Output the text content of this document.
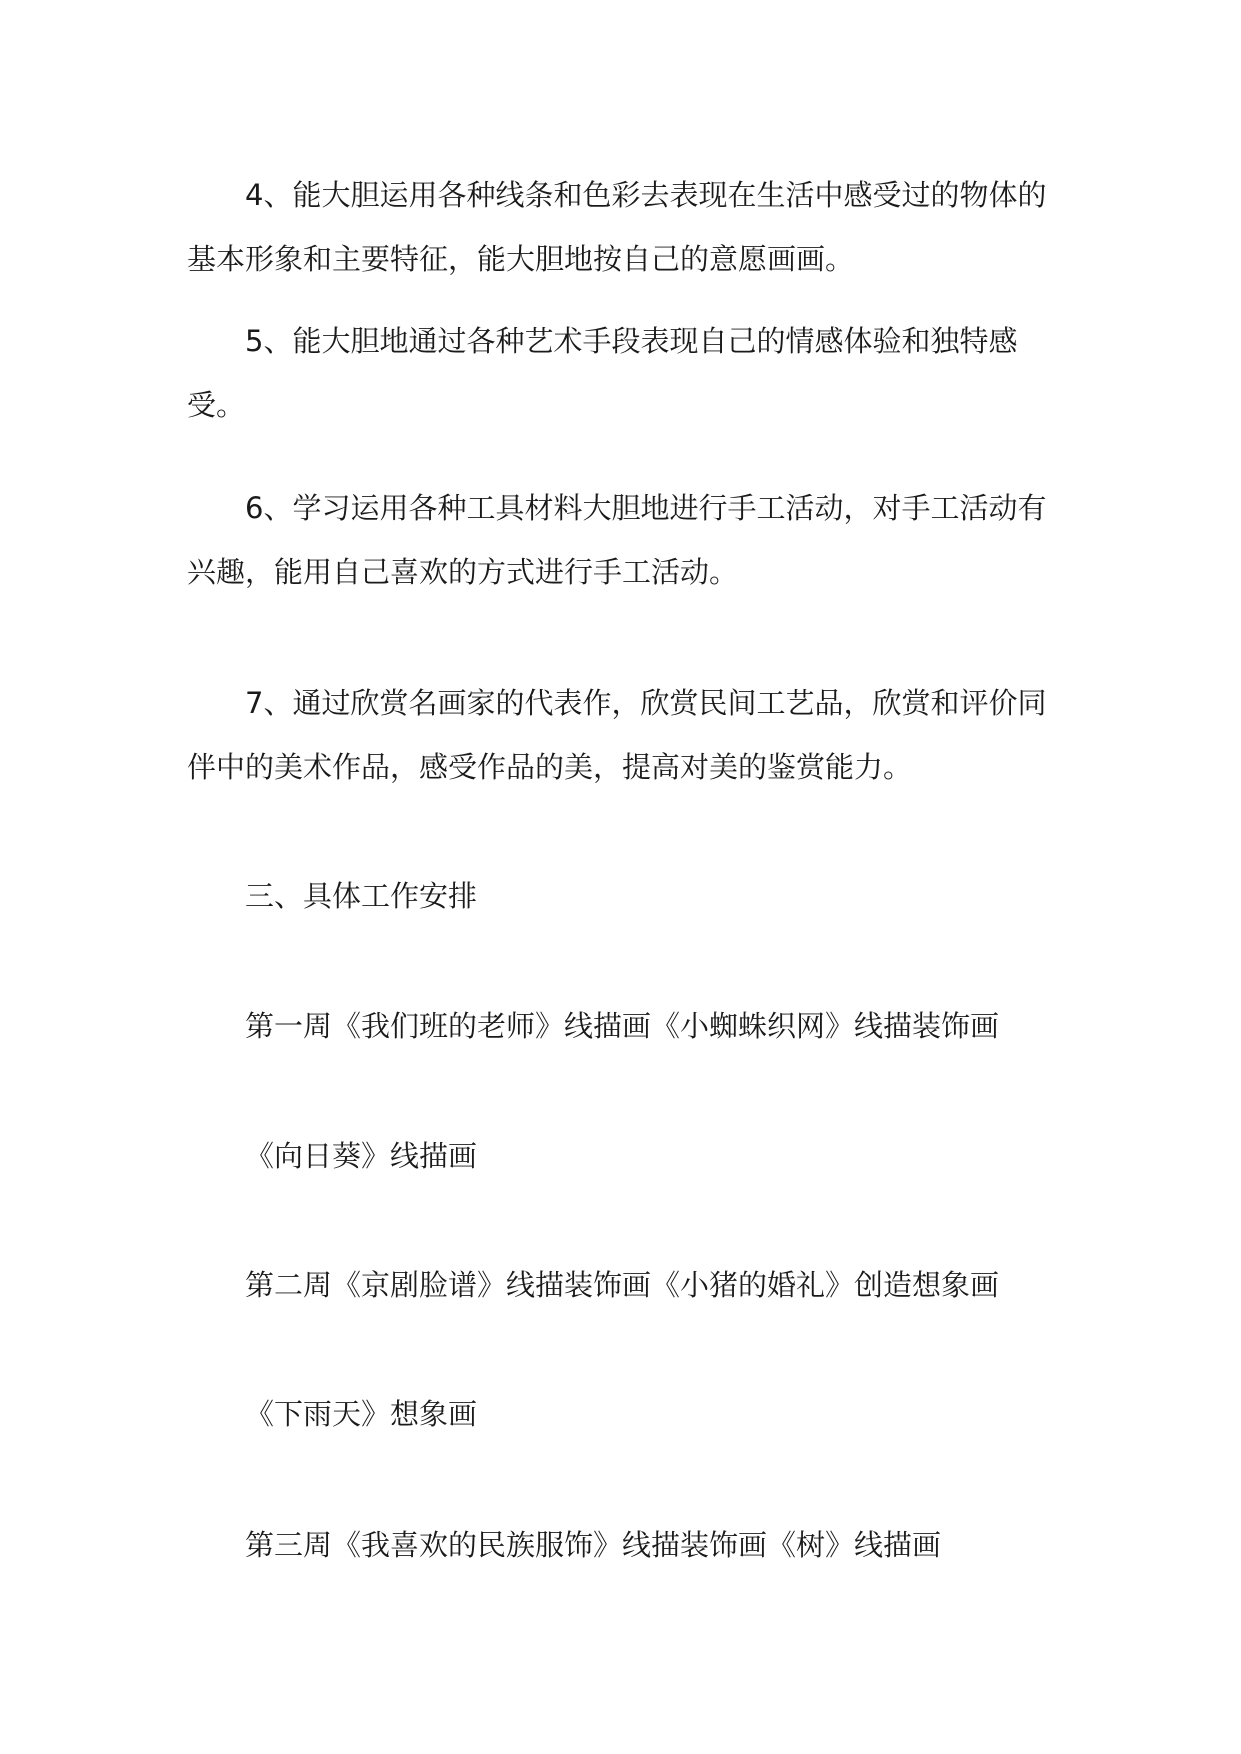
4、能大胆运用各种线条和色彩去表现在生活中感受过的物体的基本形象和主要特征，能大胆地按自己的意愿画画。

5、能大胆地通过各种艺术手段表现自己的情感体验和独特感受。

6、学习运用各种工具材料大胆地进行手工活动，对手工活动有兴趣，能用自己喜欢的方式进行手工活动。

7、通过欣赏名画家的代表作，欣赏民间工艺品，欣赏和评价同伴中的美术作品，感受作品的美，提高对美的鉴赏能力。

三、具体工作安排

第一周《我们班的老师》线描画《小蜘蛛织网》线描装饰画

《向日葵》线描画

第二周《京剧脸谱》线描装饰画《小猪的婚礼》创造想象画

《下雨天》想象画

第三周《我喜欢的民族服饰》线描装饰画《树》线描画
